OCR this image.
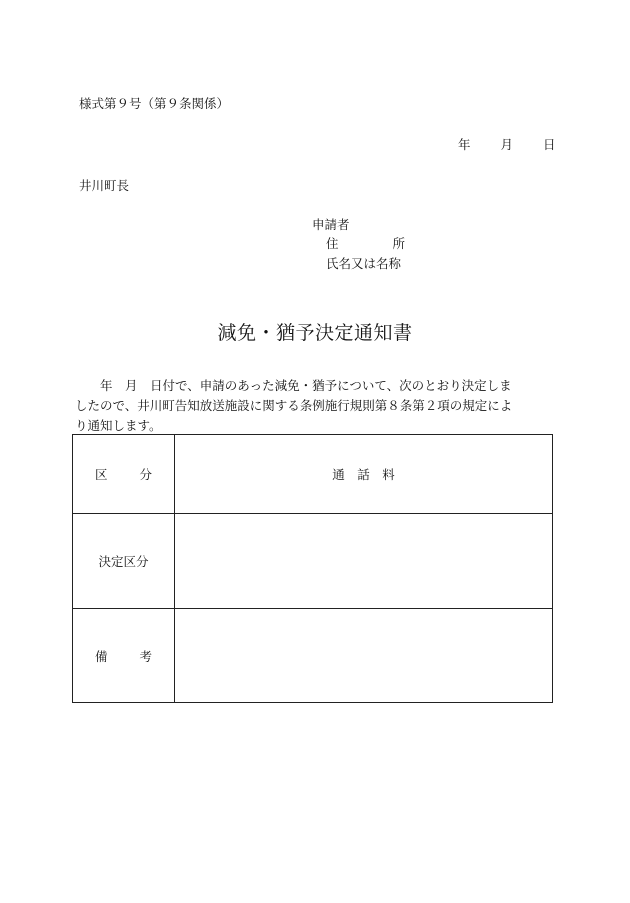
様式第９号（第９条関係）
年 月 日
井川町長
申請者
住	所
氏名又は名称
減免・猶予決定通知書
　　年　月　日付で、申請のあった減免・猶予について、次のとおり決定しま
したので、井川町告知放送施設に関する条例施行規則第８条第２項の規定によ
り通知します。
区 分	通　話　料
決定区分	
備 考	
